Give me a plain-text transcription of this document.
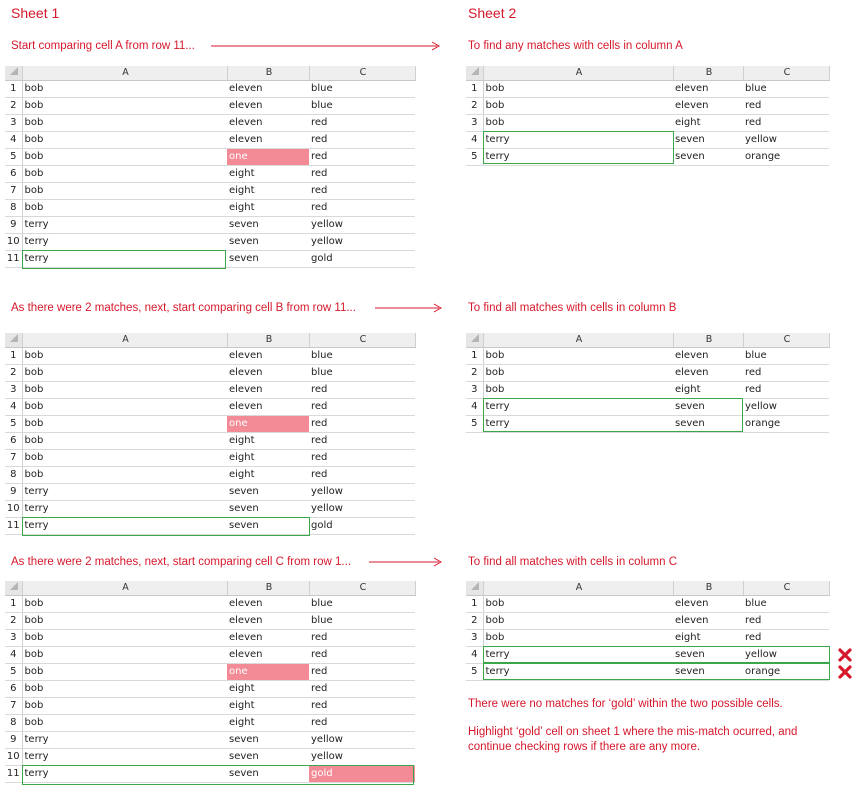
Sheet 1	Sheet 2
Start comparing cell A from row 11...	To find any matches with cells in column A
	A	B	C
1	bob	eleven	blue
2	bob	eleven	blue
3	bob	eleven	red
4	bob	eleven	red
5	bob	one	red
6	bob	eight	red
7	bob	eight	red
8	bob	eight	red
9	terry	seven	yellow
10	terry	seven	yellow
11	terry	seven	gold
	A	B	C
1	bob	eleven	blue
2	bob	eleven	red
3	bob	eight	red
4	terry	seven	yellow
5	terry	seven	orange
As there were 2 matches, next, start comparing cell B from row 11...	To find all matches with cells in column B
	A	B	C
1	bob	eleven	blue
2	bob	eleven	blue
3	bob	eleven	red
4	bob	eleven	red
5	bob	one	red
6	bob	eight	red
7	bob	eight	red
8	bob	eight	red
9	terry	seven	yellow
10	terry	seven	yellow
11	terry	seven	gold
	A	B	C
1	bob	eleven	blue
2	bob	eleven	red
3	bob	eight	red
4	terry	seven	yellow
5	terry	seven	orange
As there were 2 matches, next, start comparing cell C from row 1...	To find all matches with cells in column C
	A	B	C
1	bob	eleven	blue
2	bob	eleven	blue
3	bob	eleven	red
4	bob	eleven	red
5	bob	one	red
6	bob	eight	red
7	bob	eight	red
8	bob	eight	red
9	terry	seven	yellow
10	terry	seven	yellow
11	terry	seven	gold
	A	B	C
1	bob	eleven	blue
2	bob	eleven	red
3	bob	eight	red
4	terry	seven	yellow
5	terry	seven	orange
There were no matches for ‘gold’ within the two possible cells.
Highlight ‘gold’ cell on sheet 1 where the mis-match ocurred, and continue checking rows if there are any more.
